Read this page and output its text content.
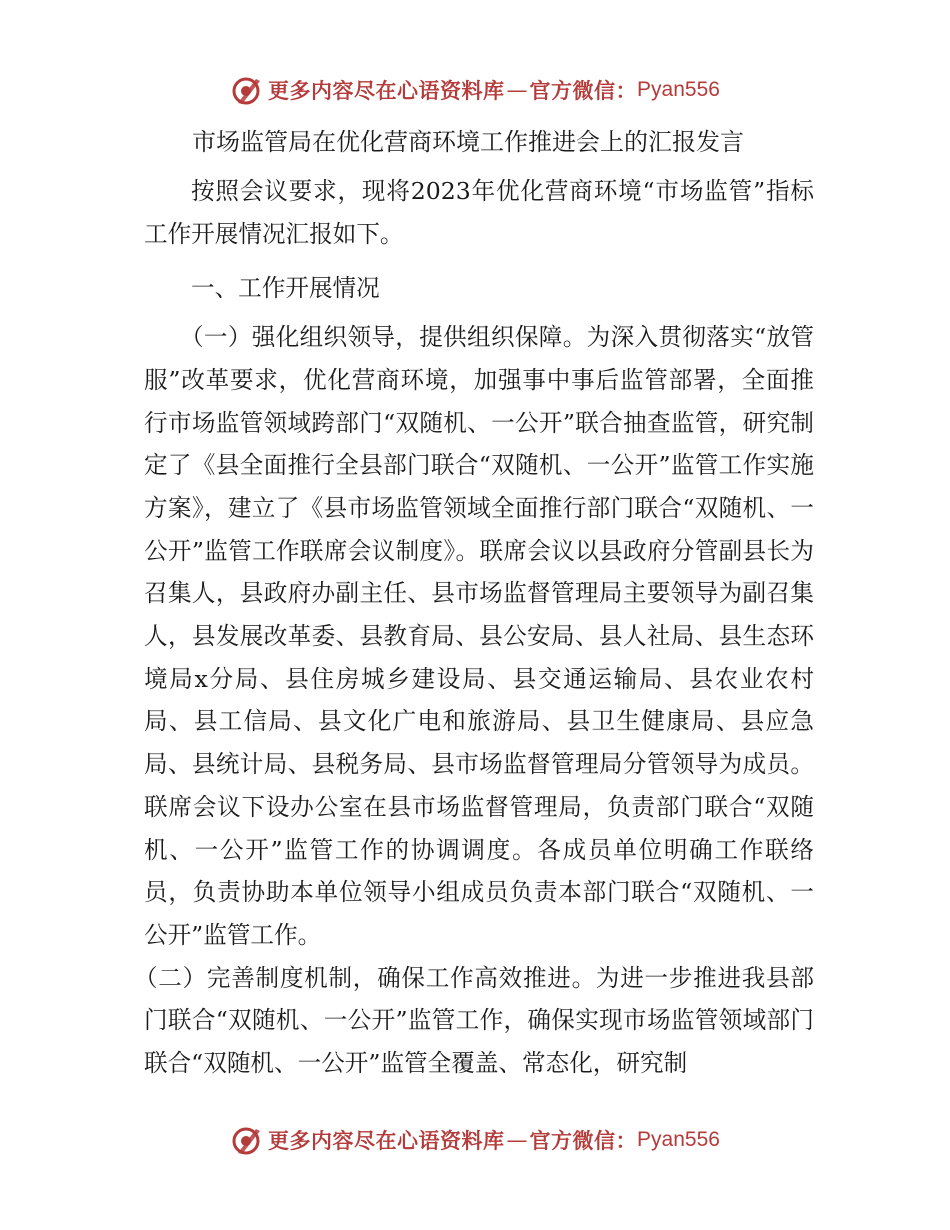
更多内容尽在心语资料库 — 官方微信： Pyan556
市场监管局在优化营商环境工作推进会上的汇报发言

按照会议要求，现将2023年优化营商环境“市场监管”指标工作开展情况汇报如下。

一、工作开展情况

（一）强化组织领导，提供组织保障。为深入贯彻落实“放管服”改革要求，优化营商环境，加强事中事后监管部署，全面推行市场监管领域跨部门“双随机、一公开”联合抽查监管，研究制定了《县全面推行全县部门联合“双随机、一公开”监管工作实施方案》，建立了《县市场监管领域全面推行部门联合“双随机、一公开”监管工作联席会议制度》。联席会议以县政府分管副县长为召集人，县政府办副主任、县市场监督管理局主要领导为副召集人，县发展改革委、县教育局、县公安局、县人社局、县生态环境局x分局、县住房城乡建设局、县交通运输局、县农业农村局、县工信局、县文化广电和旅游局、县卫生健康局、县应急局、县统计局、县税务局、县市场监督管理局分管领导为成员。联席会议下设办公室在县市场监督管理局，负责部门联合“双随机、一公开”监管工作的协调调度。各成员单位明确工作联络员，负责协助本单位领导小组成员负责本部门联合“双随机、一公开”监管工作。

（二）完善制度机制，确保工作高效推进。为进一步推进我县部门联合“双随机、一公开”监管工作，确保实现市场监管领域部门联合“双随机、一公开”监管全覆盖、常态化，研究制

更多内容尽在心语资料库 — 官方微信： Pyan556
